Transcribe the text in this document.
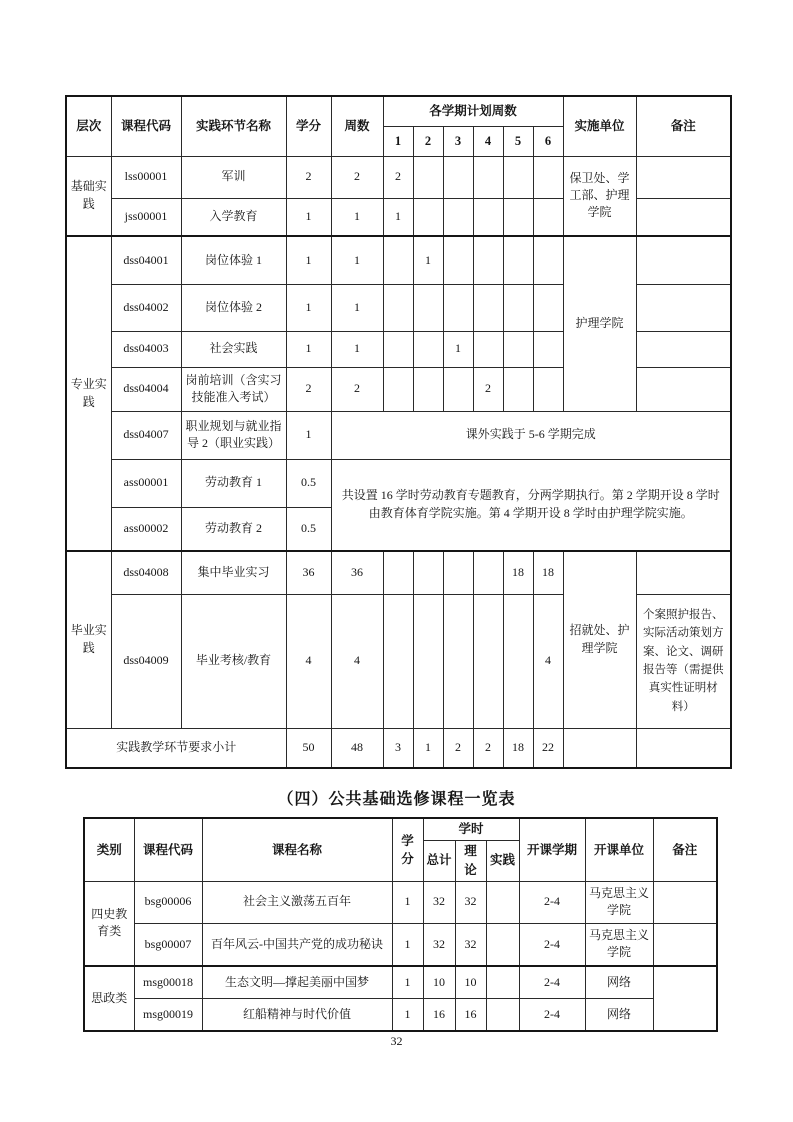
层次	课程代码	实践环节名称	学分	周数	各学期计划周数						实施单位	备注
					1	2	3	4	5	6		
基础实践	lss00001	军训	2	2	2						保卫处、学工部、护理学院	
	jss00001	入学教育	1	1	1							
专业实践	dss04001	岗位体验 1	1	1		1					护理学院	
	dss04002	岗位体验 2	1	1								
	dss04003	社会实践	1	1			1					
	dss04004	岗前培训（含实习技能准入考试）	2	2				2				
	dss04007	职业规划与就业指导 2（职业实践）	1	课外实践于 5-6 学期完成								
	ass00001	劳动教育 1	0.5	共设置 16 学时劳动教育专题教育，分两学期执行。第 2 学期开设 8 学时由教育体育学院实施。第 4 学期开设 8 学时由护理学院实施。								
	ass00002	劳动教育 2	0.5									
毕业实践	dss04008	集中毕业实习	36	36					18	18	招就处、护理学院	
	dss04009	毕业考核/教育	4	4						4		个案照护报告、实际活动策划方案、论文、调研报告等（需提供真实性证明材料）
实践教学环节要求小计			50	48	3	1	2	2	18	22		
（四）公共基础选修课程一览表
类别	课程代码	课程名称	学分	学时			开课学期	开课单位	备注
				总计	理论	实践			
四史教育类	bsg00006	社会主义激荡五百年	1	32	32		2-4	马克思主义学院	
	bsg00007	百年风云-中国共产党的成功秘诀	1	32	32		2-4	马克思主义学院	
思政类	msg00018	生态文明—撑起美丽中国梦	1	10	10		2-4	网络	
	msg00019	红船精神与时代价值	1	16	16		2-4	网络	
32
